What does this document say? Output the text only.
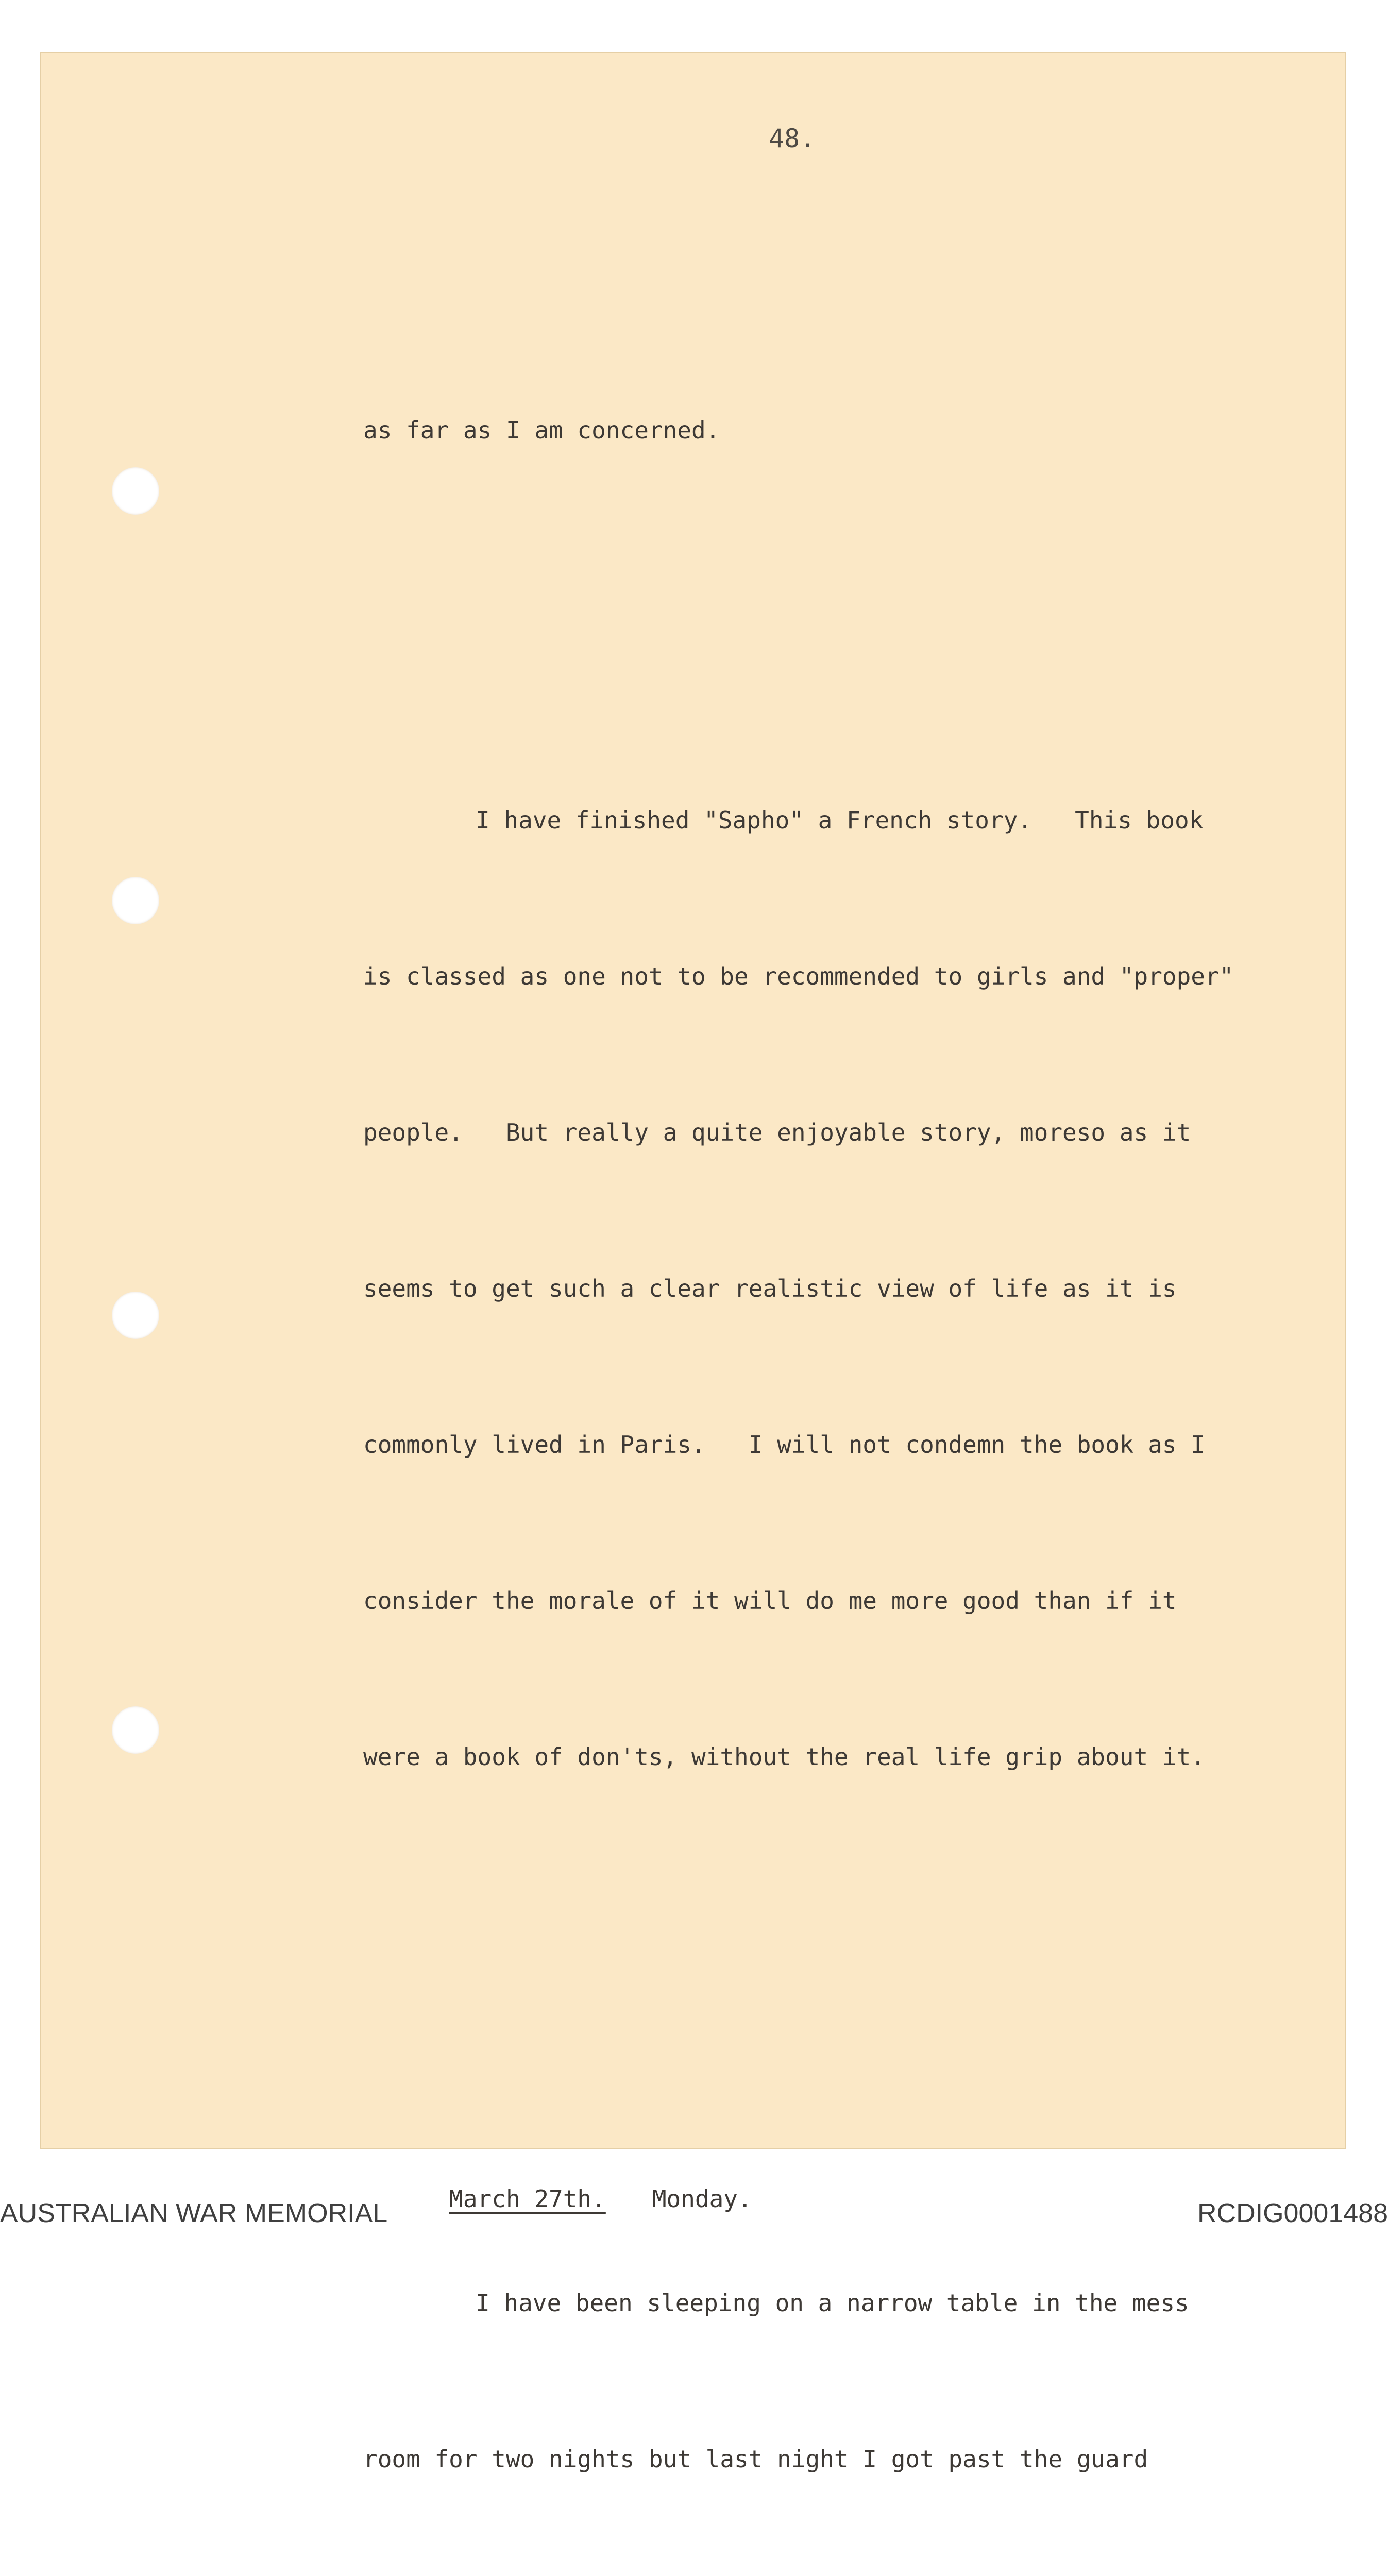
48.

as far as I am concerned.

I have finished "Sapho" a French story.   This book

is classed as one not to be recommended to girls and "proper"

people.   But really a quite enjoyable story, moreso as it

seems to get such a clear realistic view of life as it is

commonly lived in Paris.   I will not condemn the book as I

consider the morale of it will do me more good than if it

were a book of don'ts, without the real life grip about it.

March 27th. Monday.

I have been sleeping on a narrow table in the mess

room for two nights but last night I got past the guard

AUSTRALIAN WAR MEMORIAL	RCDIG0001488
